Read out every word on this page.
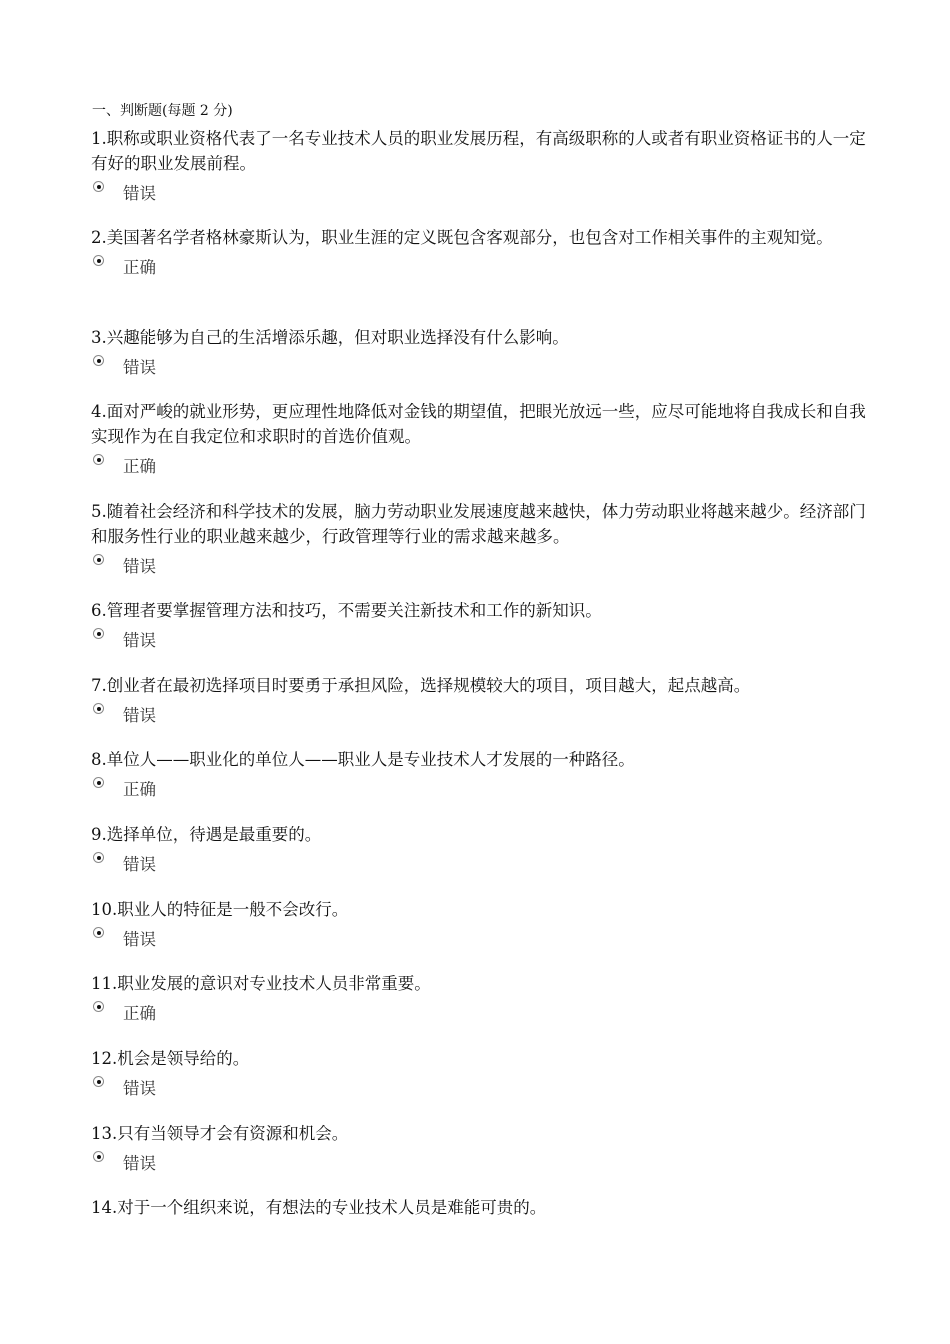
一、判断题(每题 2 分)

1.职称或职业资格代表了一名专业技术人员的职业发展历程，有高级职称的人或者有职业资格证书的人一定有好的职业发展前程。

错误

2.美国著名学者格林豪斯认为，职业生涯的定义既包含客观部分，也包含对工作相关事件的主观知觉。

正确

3.兴趣能够为自己的生活增添乐趣，但对职业选择没有什么影响。

错误

4.面对严峻的就业形势，更应理性地降低对金钱的期望值，把眼光放远一些，应尽可能地将自我成长和自我实现作为在自我定位和求职时的首选价值观。

正确

5.随着社会经济和科学技术的发展，脑力劳动职业发展速度越来越快，体力劳动职业将越来越少。经济部门和服务性行业的职业越来越少，行政管理等行业的需求越来越多。

错误

6.管理者要掌握管理方法和技巧，不需要关注新技术和工作的新知识。

错误

7.创业者在最初选择项目时要勇于承担风险，选择规模较大的项目，项目越大，起点越高。

错误

8.单位人——职业化的单位人——职业人是专业技术人才发展的一种路径。

正确

9.选择单位，待遇是最重要的。

错误

10.职业人的特征是一般不会改行。

错误

11.职业发展的意识对专业技术人员非常重要。

正确

12.机会是领导给的。

错误

13.只有当领导才会有资源和机会。

错误

14.对于一个组织来说，有想法的专业技术人员是难能可贵的。
